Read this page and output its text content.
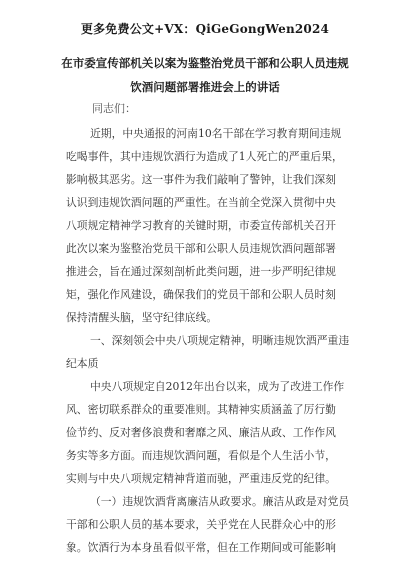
更多免费公文+VX：QiGeGongWen2024
在市委宣传部机关以案为鉴整治党员干部和公职人员违规
饮酒问题部署推进会上的讲话
同志们：
近期，中央通报的河南10名干部在学习教育期间违规
吃喝事件，其中违规饮酒行为造成了1人死亡的严重后果，
影响极其恶劣。这一事件为我们敲响了警钟，让我们深刻
认识到违规饮酒问题的严重性。在当前全党深入贯彻中央
八项规定精神学习教育的关键时期，市委宣传部机关召开
此次以案为鉴整治党员干部和公职人员违规饮酒问题部署
推进会，旨在通过深刻剖析此类问题，进一步严明纪律规
矩，强化作风建设，确保我们的党员干部和公职人员时刻
保持清醒头脑，坚守纪律底线。
一、深刻领会中央八项规定精神，明晰违规饮酒严重违
纪本质
中央八项规定自2012年出台以来，成为了改进工作作
风、密切联系群众的重要准则。其精神实质涵盖了厉行勤
俭节约、反对奢侈浪费和奢靡之风、廉洁从政、工作作风
务实等多方面。而违规饮酒问题，看似是个人生活小节，
实则与中央八项规定精神背道而驰，严重违反党的纪律。
（一）违规饮酒背离廉洁从政要求。廉洁从政是对党员
干部和公职人员的基本要求，关乎党在人民群众心中的形
象。饮酒行为本身虽看似平常，但在工作期间或可能影响
